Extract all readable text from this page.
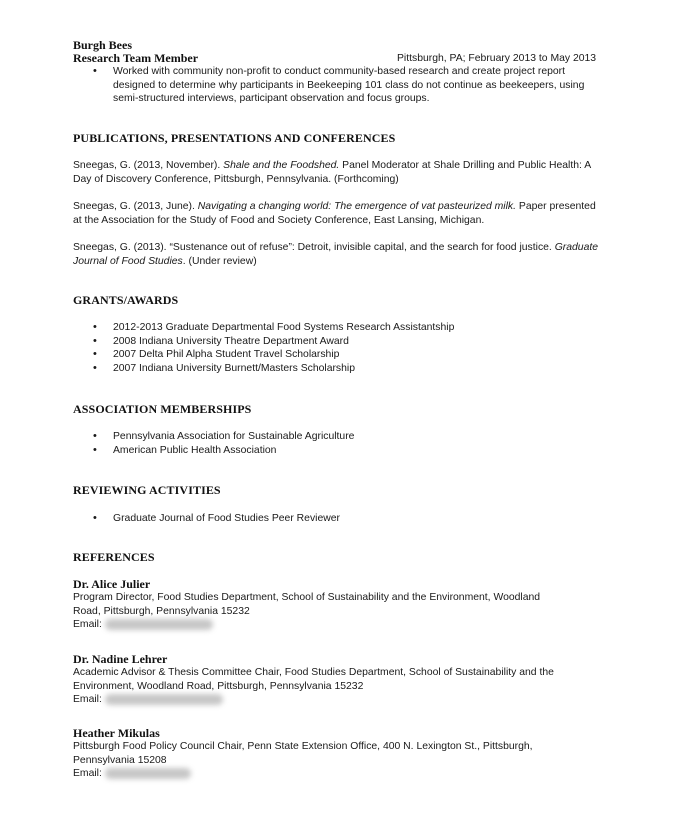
Burgh Bees
Research Team Member	Pittsburgh, PA; February 2013 to May 2013
• Worked with community non-profit to conduct community-based research and create project report designed to determine why participants in Beekeeping 101 class do not continue as beekeepers, using semi-structured interviews, participant observation and focus groups.
PUBLICATIONS, PRESENTATIONS AND CONFERENCES

Sneegas, G. (2013, November). Shale and the Foodshed. Panel Moderator at Shale Drilling and Public Health: A Day of Discovery Conference, Pittsburgh, Pennsylvania. (Forthcoming)

Sneegas, G. (2013, June). Navigating a changing world: The emergence of vat pasteurized milk. Paper presented at the Association for the Study of Food and Society Conference, East Lansing, Michigan.

Sneegas, G. (2013). “Sustenance out of refuse”: Detroit, invisible capital, and the search for food justice. Graduate Journal of Food Studies. (Under review)

GRANTS/AWARDS
• 2012-2013 Graduate Departmental Food Systems Research Assistantship
• 2008 Indiana University Theatre Department Award
• 2007 Delta Phil Alpha Student Travel Scholarship
• 2007 Indiana University Burnett/Masters Scholarship
ASSOCIATION MEMBERSHIPS
• Pennsylvania Association for Sustainable Agriculture
• American Public Health Association
REVIEWING ACTIVITIES
• Graduate Journal of Food Studies Peer Reviewer
REFERENCES
Dr. Alice Julier
Program Director, Food Studies Department, School of Sustainability and the Environment, Woodland
Road, Pittsburgh, Pennsylvania 15232
Email:
Dr. Nadine Lehrer
Academic Advisor & Thesis Committee Chair, Food Studies Department, School of Sustainability and the
Environment, Woodland Road, Pittsburgh, Pennsylvania 15232
Email:
Heather Mikulas
Pittsburgh Food Policy Council Chair, Penn State Extension Office, 400 N. Lexington St., Pittsburgh,
Pennsylvania 15208
Email:
